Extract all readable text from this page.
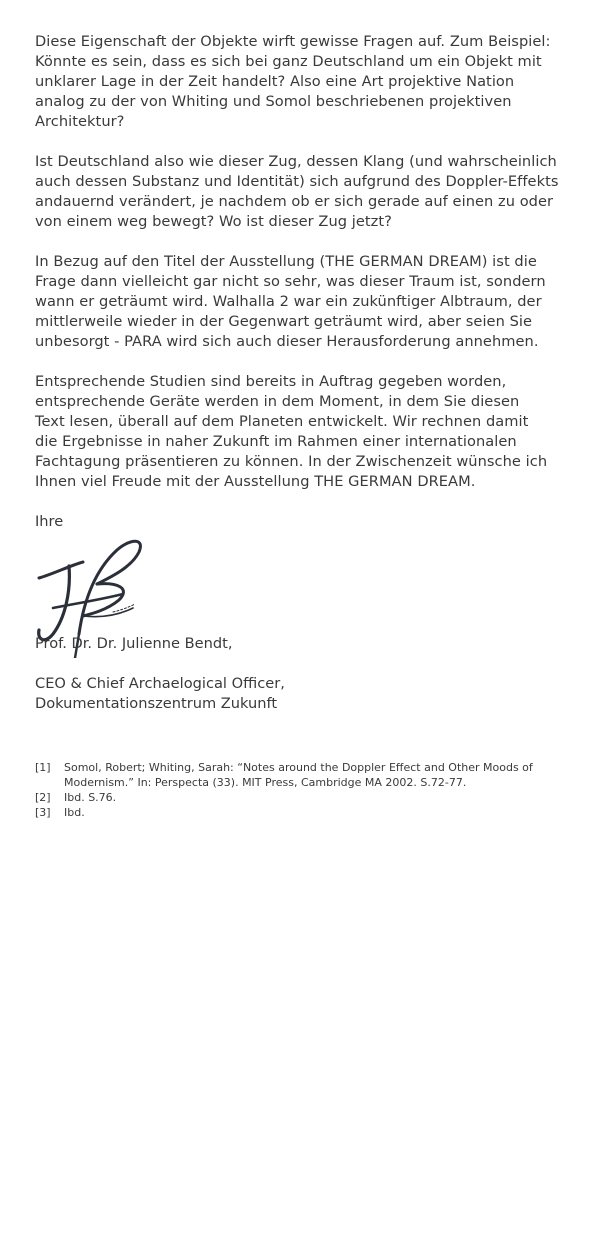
Diese Eigenschaft der Objekte wirft gewisse Fragen auf. Zum Beispiel:
Könnte es sein, dass es sich bei ganz Deutschland um ein Objekt mit
unklarer Lage in der Zeit handelt? Also eine Art projektive Nation
analog zu der von Whiting und Somol beschriebenen projektiven
Architektur?

Ist Deutschland also wie dieser Zug, dessen Klang (und wahrscheinlich
auch dessen Substanz und Identität) sich aufgrund des Doppler-Effekts
andauernd verändert, je nachdem ob er sich gerade auf einen zu oder
von einem weg bewegt? Wo ist dieser Zug jetzt?

In Bezug auf den Titel der Ausstellung (THE GERMAN DREAM) ist die
Frage dann vielleicht gar nicht so sehr, was dieser Traum ist, sondern
wann er geträumt wird. Walhalla 2 war ein zukünftiger Albtraum, der
mittlerweile wieder in der Gegenwart geträumt wird, aber seien Sie
unbesorgt - PARA wird sich auch dieser Herausforderung annehmen.

Entsprechende Studien sind bereits in Auftrag gegeben worden,
entsprechende Geräte werden in dem Moment, in dem Sie diesen
Text lesen, überall auf dem Planeten entwickelt. Wir rechnen damit
die Ergebnisse in naher Zukunft im Rahmen einer internationalen
Fachtagung präsentieren zu können. In der Zwischenzeit wünsche ich
Ihnen viel Freude mit der Ausstellung THE GERMAN DREAM.

Ihre

Prof. Dr. Dr. Julienne Bendt,

CEO & Chief Archaelogical Officer,

Dokumentationszentrum Zukunft

[1]	Somol, Robert; Whiting, Sarah: “Notes around the Doppler Effect and Other Moods of Modernism.” In: Perspecta (33). MIT Press, Cambridge MA 2002. S.72-77.
[2]	Ibd. S.76.
[3]	Ibd.
